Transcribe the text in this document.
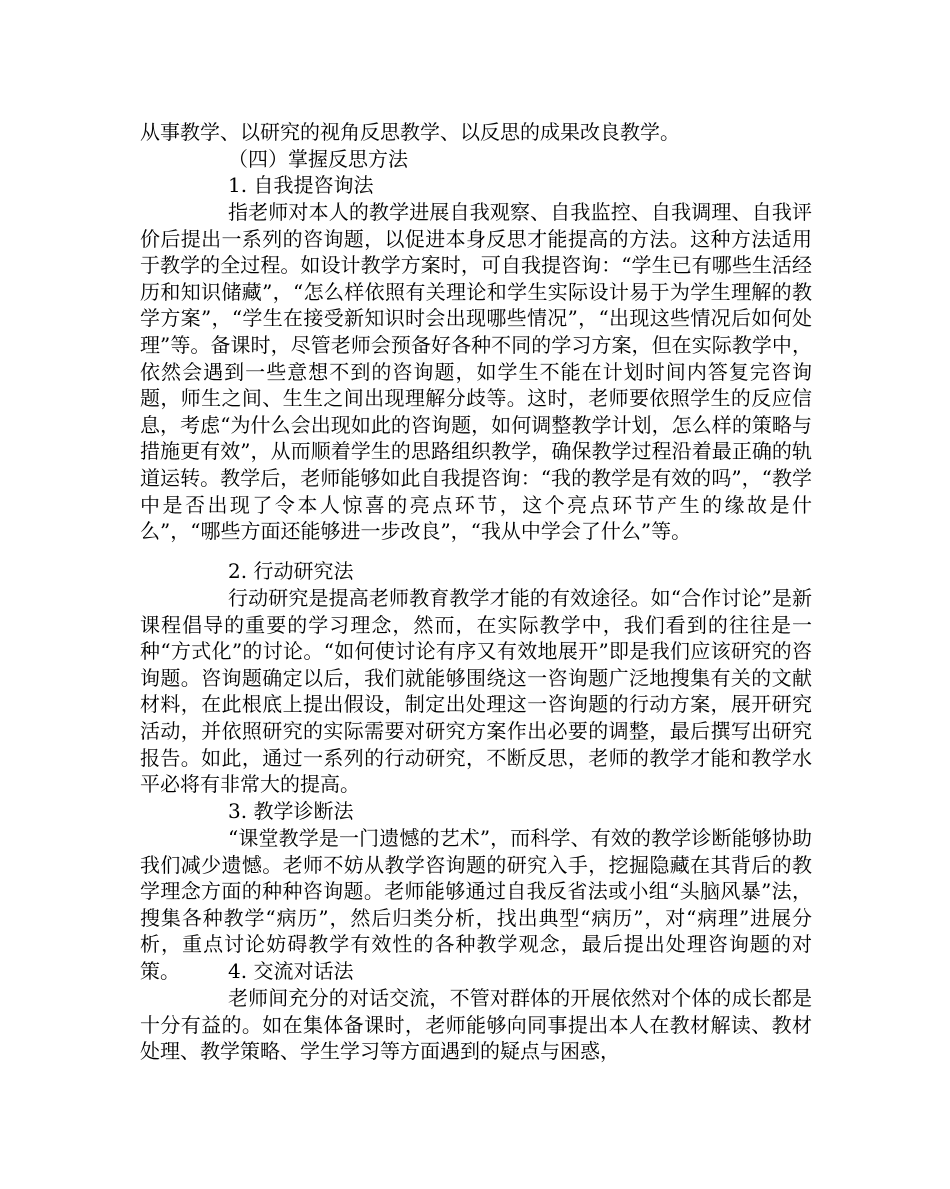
从事教学、以研究的视角反思教学、以反思的成果改良教学。

（四）掌握反思方法

1. 自我提咨询法

指老师对本人的教学进展自我观察、自我监控、自我调理、自我评价后提出一系列的咨询题，以促进本身反思才能提高的方法。这种方法适用于教学的全过程。如设计教学方案时，可自我提咨询：“学生已有哪些生活经历和知识储藏”，“怎么样依照有关理论和学生实际设计易于为学生理解的教学方案”，“学生在接受新知识时会出现哪些情况”，“出现这些情况后如何处理”等。备课时，尽管老师会预备好各种不同的学习方案，但在实际教学中，依然会遇到一些意想不到的咨询题，如学生不能在计划时间内答复完咨询题，师生之间、生生之间出现理解分歧等。这时，老师要依照学生的反应信息，考虑“为什么会出现如此的咨询题，如何调整教学计划，怎么样的策略与措施更有效”，从而顺着学生的思路组织教学，确保教学过程沿着最正确的轨道运转。教学后，老师能够如此自我提咨询：“我的教学是有效的吗”，“教学中是否出现了令本人惊喜的亮点环节，这个亮点环节产生的缘故是什么”，“哪些方面还能够进一步改良”，“我从中学会了什么”等。

2. 行动研究法

行动研究是提高老师教育教学才能的有效途径。如“合作讨论”是新课程倡导的重要的学习理念，然而，在实际教学中，我们看到的往往是一种“方式化”的讨论。“如何使讨论有序又有效地展开”即是我们应该研究的咨询题。咨询题确定以后，我们就能够围绕这一咨询题广泛地搜集有关的文献材料，在此根底上提出假设，制定出处理这一咨询题的行动方案，展开研究活动，并依照研究的实际需要对研究方案作出必要的调整，最后撰写出研究报告。如此，通过一系列的行动研究，不断反思，老师的教学才能和教学水平必将有非常大的提高。

3. 教学诊断法

“课堂教学是一门遗憾的艺术”，而科学、有效的教学诊断能够协助我们减少遗憾。老师不妨从教学咨询题的研究入手，挖掘隐藏在其背后的教学理念方面的种种咨询题。老师能够通过自我反省法或小组“头脑风暴”法，搜集各种教学“病历”，然后归类分析，找出典型“病历”，对“病理”进展分析，重点讨论妨碍教学有效性的各种教学观念，最后提出处理咨询题的对策。	4. 交流对话法

老师间充分的对话交流，不管对群体的开展依然对个体的成长都是十分有益的。如在集体备课时，老师能够向同事提出本人在教材解读、教材处理、教学策略、学生学习等方面遇到的疑点与困惑，
